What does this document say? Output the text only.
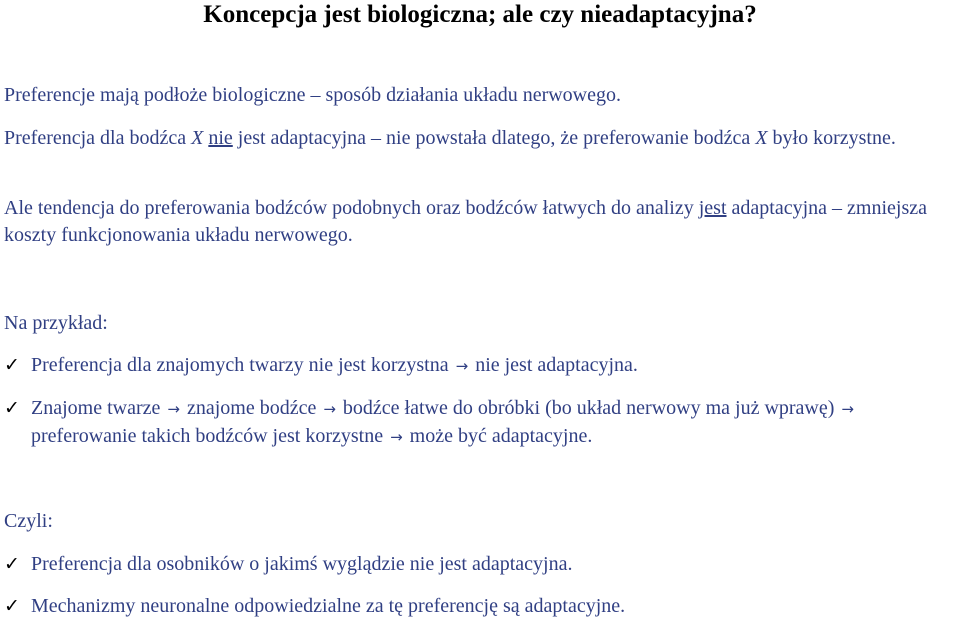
Koncepcja jest biologiczna; ale czy nieadaptacyjna?
Preferencje mają podłoże biologiczne – sposób działania układu nerwowego.
Preferencja dla bodźca X nie jest adaptacyjna – nie powstała dlatego, że preferowanie bodźca X było korzystne.
Ale tendencja do preferowania bodźców podobnych oraz bodźców łatwych do analizy jest adaptacyjna – zmniejsza koszty funkcjonowania układu nerwowego.
Na przykład:
✓ Preferencja dla znajomych twarzy nie jest korzystna → nie jest adaptacyjna.
✓ Znajome twarze → znajome bodźce → bodźce łatwe do obróbki (bo układ nerwowy ma już wprawę) → preferowanie takich bodźców jest korzystne → może być adaptacyjne.
Czyli:
✓ Preferencja dla osobników o jakimś wyglądzie nie jest adaptacyjna.
✓ Mechanizmy neuronalne odpowiedzialne za tę preferencję są adaptacyjne.
